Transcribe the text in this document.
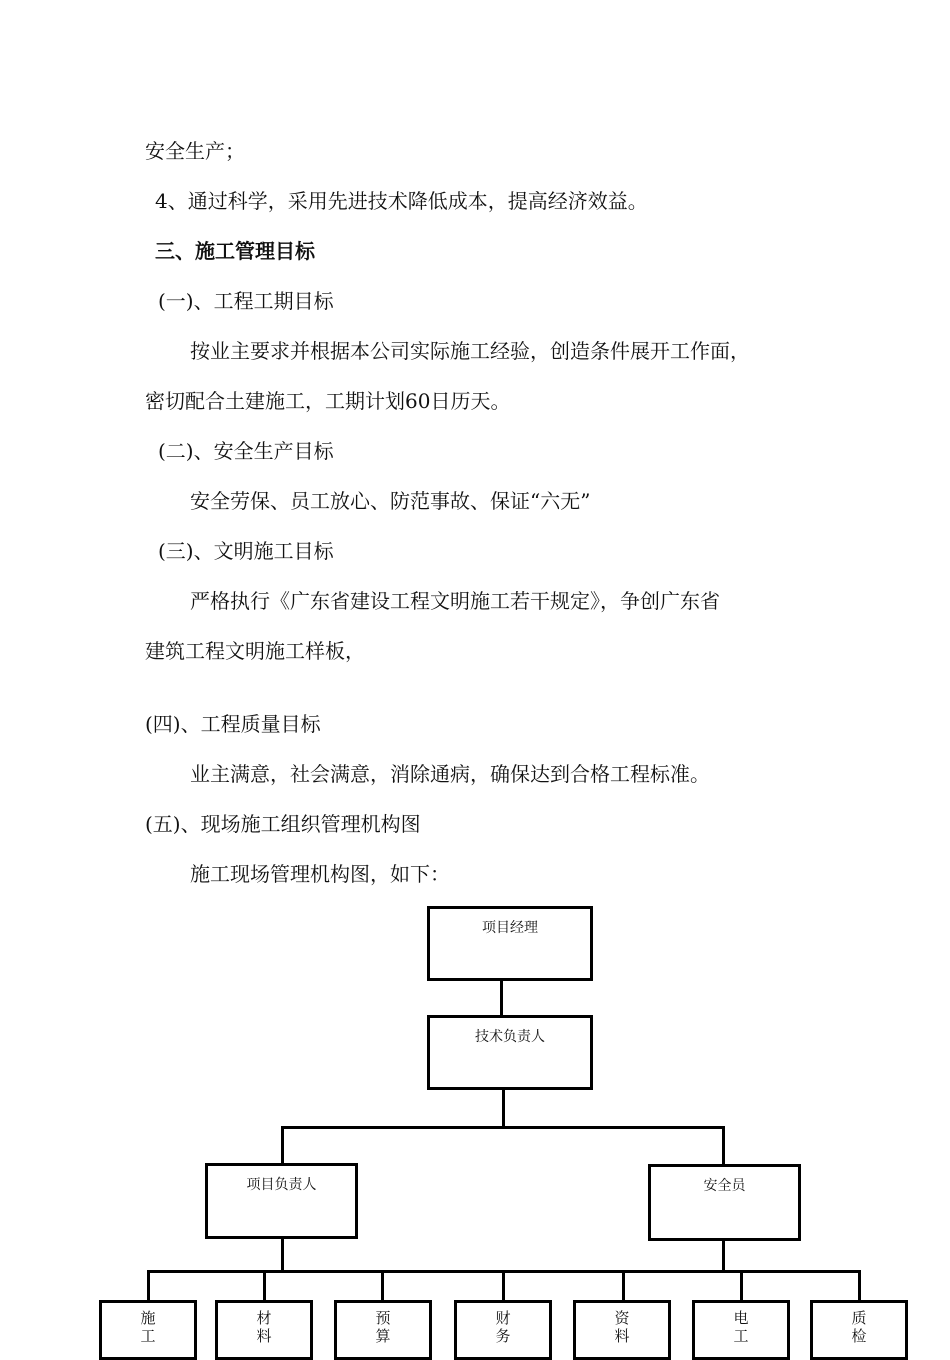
安全生产；
4、通过科学，采用先进技术降低成本，提高经济效益。
三、施工管理目标
(一)、工程工期目标
按业主要求并根据本公司实际施工经验，创造条件展开工作面，
密切配合土建施工，工期计划60日历天。
(二)、安全生产目标
安全劳保、员工放心、防范事故、保证“六无”
(三)、文明施工目标
严格执行《广东省建设工程文明施工若干规定》，争创广东省
建筑工程文明施工样板，
(四)、工程质量目标
业主满意，社会满意，消除通病，确保达到合格工程标准。
(五)、现场施工组织管理机构图
施工现场管理机构图，如下：
项目经理
技术负责人
项目负责人	安全员
施
工
材
料
预
算
财
务
资
料
电
工
质
检
